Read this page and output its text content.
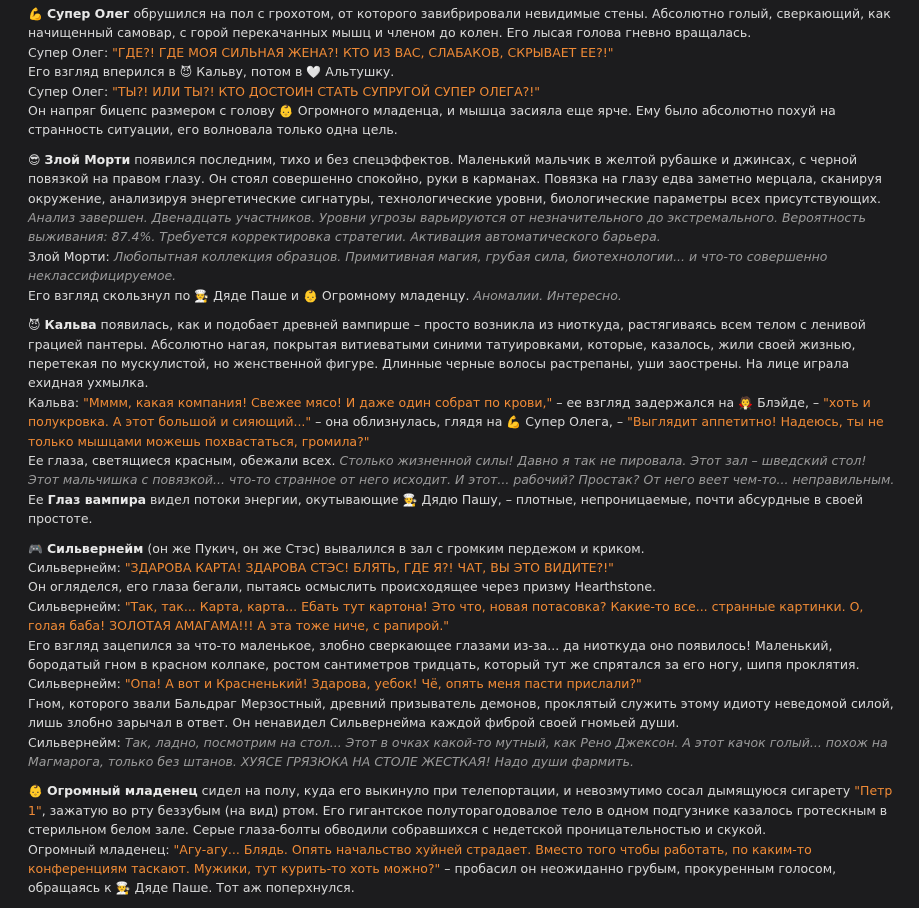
💪 Супер Олег обрушился на пол с грохотом, от которого завибрировали невидимые стены. Абсолютно голый, сверкающий, как начищенный самовар, с горой перекачанных мышц и членом до колен. Его лысая голова гневно вращалась.
Супер Олег: "ГДЕ?! ГДЕ МОЯ СИЛЬНАЯ ЖЕНА?! КТО ИЗ ВАС, СЛАБАКОВ, СКРЫВАЕТ ЕЕ?!"
Его взгляд вперился в 😈 Кальву, потом в 🤍 Альтушку.
Супер Олег: "ТЫ?! ИЛИ ТЫ?! КТО ДОСТОИН СТАТЬ СУПРУГОЙ СУПЕР ОЛЕГА?!"
Он напряг бицепс размером с голову 👶 Огромного младенца, и мышца засияла еще ярче. Ему было абсолютно похуй на странность ситуации, его волновала только одна цель.
😎 Злой Морти появился последним, тихо и без спецэффектов. Маленький мальчик в желтой рубашке и джинсах, с черной повязкой на правом глазу. Он стоял совершенно спокойно, руки в карманах. Повязка на глазу едва заметно мерцала, сканируя окружение, анализируя энергетические сигнатуры, технологические уровни, биологические параметры всех присутствующих. Анализ завершен. Двенадцать участников. Уровни угрозы варьируются от незначительного до экстремального. Вероятность выживания: 87.4%. Требуется корректировка стратегии. Активация автоматического барьера.
Злой Морти: Любопытная коллекция образцов. Примитивная магия, грубая сила, биотехнологии... и что-то совершенно неклассифицируемое.
Его взгляд скользнул по 🧑‍🍳 Дяде Паше и 👶 Огромному младенцу. Аномалии. Интересно.
😈 Кальва появилась, как и подобает древней вампирше – просто возникла из ниоткуда, растягиваясь всем телом с ленивой грацией пантеры. Абсолютно нагая, покрытая витиеватыми синими татуировками, которые, казалось, жили своей жизнью, перетекая по мускулистой, но женственной фигуре. Длинные черные волосы растрепаны, уши заострены. На лице играла ехидная ухмылка.
Кальва: "Мммм, какая компания! Свежее мясо! И даже один собрат по крови," – ее взгляд задержался на 🧛 Блэйде, – "хоть и полукровка. А этот большой и сияющий..." – она облизнулась, глядя на 💪 Супер Олега, – "Выглядит аппетитно! Надеюсь, ты не только мышцами можешь похвастаться, громила?"
Ее глаза, светящиеся красным, обежали всех. Столько жизненной силы! Давно я так не пировала. Этот зал – шведский стол! Этот мальчишка с повязкой... что-то странное от него исходит. И этот... рабочий? Простак? От него веет чем-то... неправильным. Ее Глаз вампира видел потоки энергии, окутывающие 🧑‍🍳 Дядю Пашу, – плотные, непроницаемые, почти абсурдные в своей простоте.
🎮 Сильвернейм (он же Пукич, он же Стэс) вывалился в зал с громким пердежом и криком.
Сильвернейм: "ЗДАРОВА КАРТА! ЗДАРОВА СТЭС! БЛЯТЬ, ГДЕ Я?! ЧАТ, ВЫ ЭТО ВИДИТЕ?!"
Он огляделся, его глаза бегали, пытаясь осмыслить происходящее через призму Hearthstone.
Сильвернейм: "Так, так... Карта, карта... Ебать тут картона! Это что, новая потасовка? Какие-то все... странные картинки. О, голая баба! ЗОЛОТАЯ АМАГАМА!!! А эта тоже ниче, с рапирой."
Его взгляд зацепился за что-то маленькое, злобно сверкающее глазами из-за... да ниоткуда оно появилось! Маленький, бородатый гном в красном колпаке, ростом сантиметров тридцать, который тут же спрятался за его ногу, шипя проклятия.
Сильвернейм: "Опа! А вот и Красненький! Здарова, уебок! Чё, опять меня пасти прислали?"
Гном, которого звали Бальдраг Мерзостный, древний призыватель демонов, проклятый служить этому идиоту неведомой силой, лишь злобно зарычал в ответ. Он ненавидел Сильвернейма каждой фиброй своей гномьей души.
Сильвернейм: Так, ладно, посмотрим на стол... Этот в очках какой-то мутный, как Рено Джексон. А этот качок голый... похож на Магмарога, только без штанов. ХУЯСЕ ГРЯЗЮКА НА СТОЛЕ ЖЕСТКАЯ! Надо души фармить.
👶 Огромный младенец сидел на полу, куда его выкинуло при телепортации, и невозмутимо сосал дымящуюся сигарету "Петр 1", зажатую во рту беззубым (на вид) ртом. Его гигантское полуторагодовалое тело в одном подгузнике казалось гротескным в стерильном белом зале. Серые глаза-болты обводили собравшихся с недетской проницательностью и скукой.
Огромный младенец: "Агу-агу... Блядь. Опять начальство хуйней страдает. Вместо того чтобы работать, по каким-то конференциям таскают. Мужики, тут курить-то хоть можно?" – пробасил он неожиданно грубым, прокуренным голосом, обращаясь к 🧑‍🍳 Дяде Паше. Тот аж поперхнулся.
